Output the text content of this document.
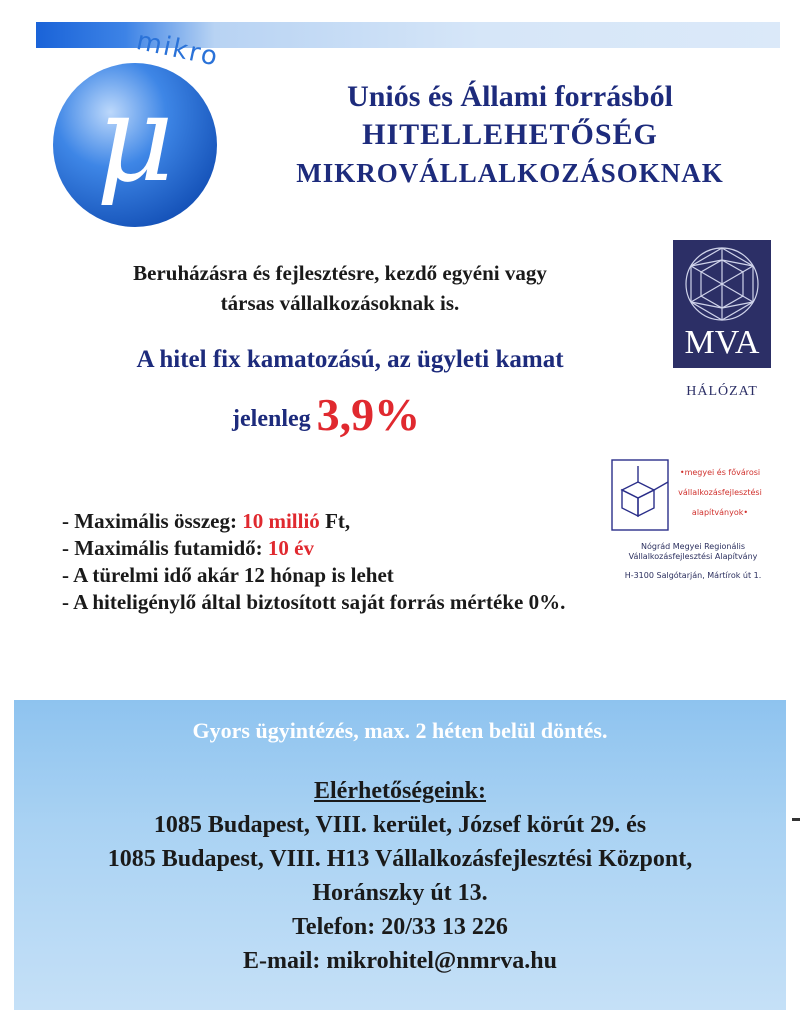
μ
mikro
Uniós és Állami forrásból
HITELLEHETŐSÉG
MIKROVÁLLALKOZÁSOKNAK
Beruházásra és fejlesztésre, kezdő egyéni vagy
társas vállalkozásoknak is.
A hitel fix kamatozású, az ügyleti kamat
jelenleg 3,9%
MVA
HÁLÓZAT
•megyei és fővárosi
vállalkozásfejlesztési
alapítványok•
Nógrád Megyei Regionális
Vállalkozásfejlesztési Alapítvány
H-3100 Salgótarján, Mártírok út 1.
- Maximális összeg: 10 millió Ft,
- Maximális futamidő: 10 év
- A türelmi idő akár 12 hónap is lehet
- A hiteligénylő által biztosított saját forrás mértéke 0%.
Gyors ügyintézés, max. 2 héten belül döntés.
Elérhetőségeink:
1085 Budapest, VIII. kerület, József körút 29. és
1085 Budapest, VIII. H13 Vállalkozásfejlesztési Központ,
Horánszky út 13.
Telefon: 20/33 13 226
E-mail: mikrohitel@nmrva.hu
